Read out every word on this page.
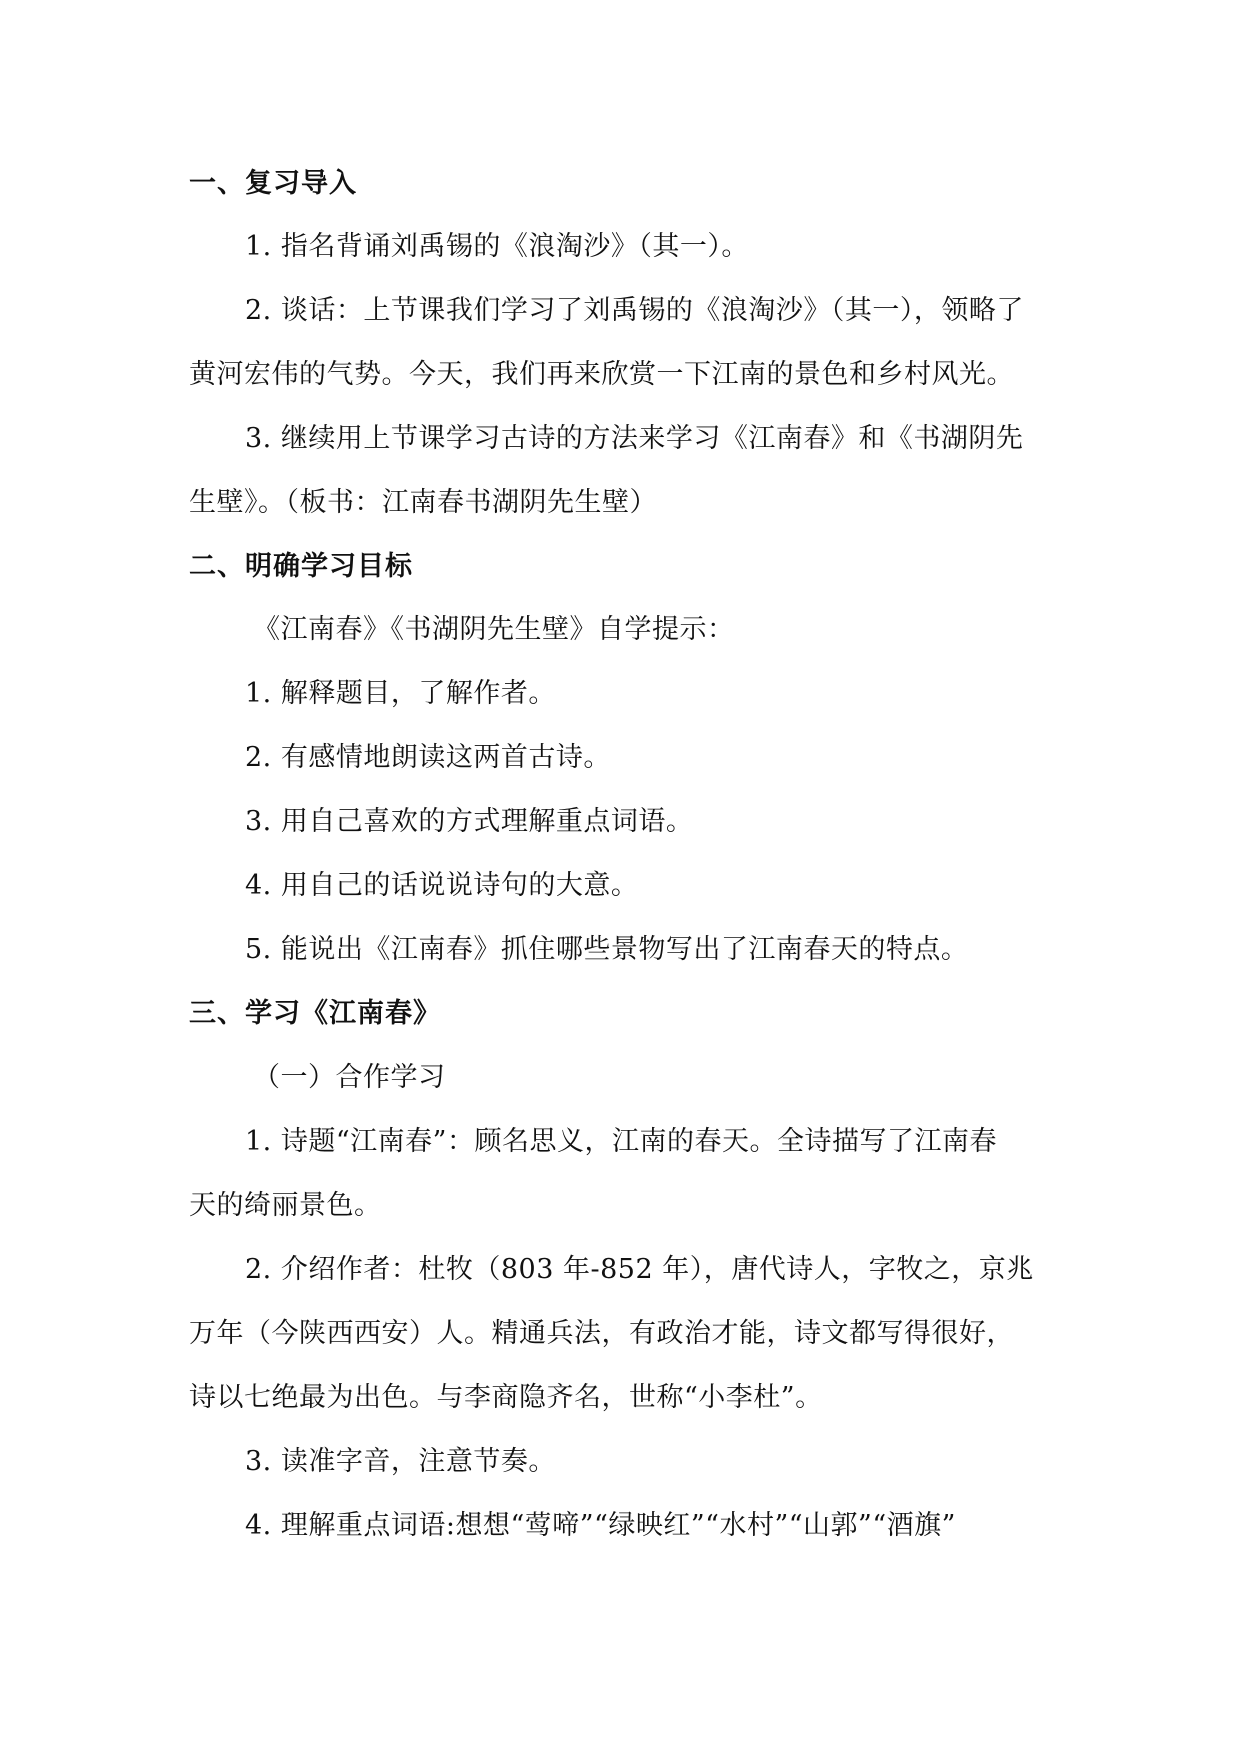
一、复习导入
1. 指名背诵刘禹锡的《浪淘沙》（其一）。
2. 谈话：上节课我们学习了刘禹锡的《浪淘沙》（其一），领略了
黄河宏伟的气势。今天，我们再来欣赏一下江南的景色和乡村风光。
3. 继续用上节课学习古诗的方法来学习《江南春》和《书湖阴先
生壁》。（板书：江南春书湖阴先生壁）
二、明确学习目标
《江南春》《书湖阴先生壁》自学提示：
1. 解释题目，了解作者。
2. 有感情地朗读这两首古诗。
3. 用自己喜欢的方式理解重点词语。
4. 用自己的话说说诗句的大意。
5. 能说出《江南春》抓住哪些景物写出了江南春天的特点。
三、学习《江南春》
（一）合作学习
1. 诗题“江南春”：顾名思义，江南的春天。全诗描写了江南春
天的绮丽景色。
2. 介绍作者：杜牧（803 年-852 年），唐代诗人，字牧之，京兆
万年（今陕西西安）人。精通兵法，有政治才能，诗文都写得很好，
诗以七绝最为出色。与李商隐齐名，世称“小李杜”。
3. 读准字音，注意节奏。
4. 理解重点词语:想想“莺啼”“绿映红”“水村”“山郭”“酒旗”
